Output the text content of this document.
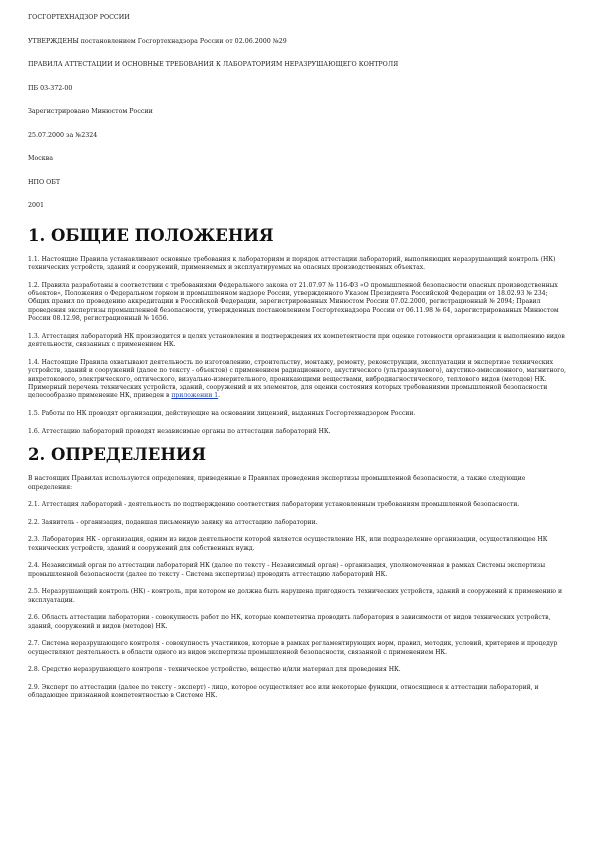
ГОСГОРТЕХНАДЗОР РОССИИ

УТВЕРЖДЕНЫ постановлением Госгортехнадзора России от 02.06.2000 №29

ПРАВИЛА АТТЕСТАЦИИ И ОСНОВНЫЕ ТРЕБОВАНИЯ К ЛАБОРАТОРИЯМ НЕРАЗРУШАЮЩЕГО КОНТРОЛЯ

ПБ 03-372-00

Зарегистрировано Минюстом России

25.07.2000 за №2324

Москва

НПО ОБТ

2001

1. ОБЩИЕ ПОЛОЖЕНИЯ

1.1. Настоящие Правила устанавливают основные требования к лабораториям и порядок аттестации лабораторий, выполняющих неразрушающий контроль (НК) технических устройств, зданий и сооружений, применяемых и эксплуатируемых на опасных производственных объектах.

1.2. Правила разработаны в соответствии с требованиями Федерального закона от 21.07.97 № 116-ФЗ «О промышленной безопасности опасных производственных объектов», Положения о Федеральном горном и промышленном надзоре России, утвержденного Указом Президента Российской Федерации от 18.02.93 № 234; Общих правил по проведению аккредитации в Российской Федерации, зарегистрированных Минюстом России 07.02.2000, регистрационный № 2094; Правил проведения экспертизы промышленной безопасности, утвержденных постановлением Госгортехнадзора России от 06.11.98 № 64, зарегистрированных Минюстом России 08.12.98, регистрационный № 1656.

1.3. Аттестация лабораторий НК производится в целях установления и подтверждения их компетентности при оценке готовности организации к выполнению видов деятельности, связанных с применением НК.

1.4. Настоящие Правила охватывают деятельность по изготовлению, строительству, монтажу, ремонту, реконструкции, эксплуатации и экспертизе технических устройств, зданий и сооружений (далее по тексту - объектов) с применением радиационного, акустического (ультразвукового), акустико-эмиссионного, магнитного, вихретокового, электрического, оптического, визуально-измерительного, проникающими веществами, вибродиагностического, теплового видов (методов) НК. Примерный перечень технических устройств, зданий, сооружений и их элементов, для оценки состояния которых требованиями промышленной безопасности целесообразно применение НК, приведен в приложении 1.

1.5. Работы по НК проводят организации, действующие на основании лицензий, выданных Госгортехнадзором России.

1.6. Аттестацию лабораторий проводят независимые органы по аттестации лабораторий НК.

2. ОПРЕДЕЛЕНИЯ

В настоящих Правилах используются определения, приведенные в Правилах проведения экспертизы промышленной безопасности, а также следующие определения:

2.1. Аттестация лабораторий - деятельность по подтверждению соответствия лаборатории установленным требованиям промышленной безопасности.

2.2. Заявитель - организация, подавшая письменную заявку на аттестацию лаборатории.

2.3. Лаборатория НК - организация, одним из видов деятельности которой является осуществление НК, или подразделение организации, осуществляющее НК технических устройств, зданий и сооружений для собственных нужд.

2.4. Независимый орган по аттестации лабораторий НК (далее по тексту - Независимый орган) - организация, уполномоченная в рамках Системы экспертизы промышленной безопасности (далее по тексту - Система экспертизы) проводить аттестацию лабораторий НК.

2.5. Неразрушающий контроль (НК) - контроль, при котором не должна быть нарушена пригодность технических устройств, зданий и сооружений к применению и эксплуатации.

2.6. Область аттестации лаборатории - совокупность работ по НК, которые компетентна проводить лаборатория в зависимости от видов технических устройств, зданий, сооружений и видов (методов) НК.

2.7. Система неразрушающего контроля - совокупность участников, которые в рамках регламентирующих норм, правил, методик, условий, критериев и процедур осуществляют деятельность в области одного из видов экспертизы промышленной безопасности, связанной с применением НК.

2.8. Средство неразрушающего контроля - техническое устройство, вещество и/или материал для проведения НК.

2.9. Эксперт по аттестации (далее по тексту - эксперт) - лицо, которое осуществляет все или некоторые функции, относящиеся к аттестации лабораторий, и обладающее признанной компетентностью в Системе НК.
